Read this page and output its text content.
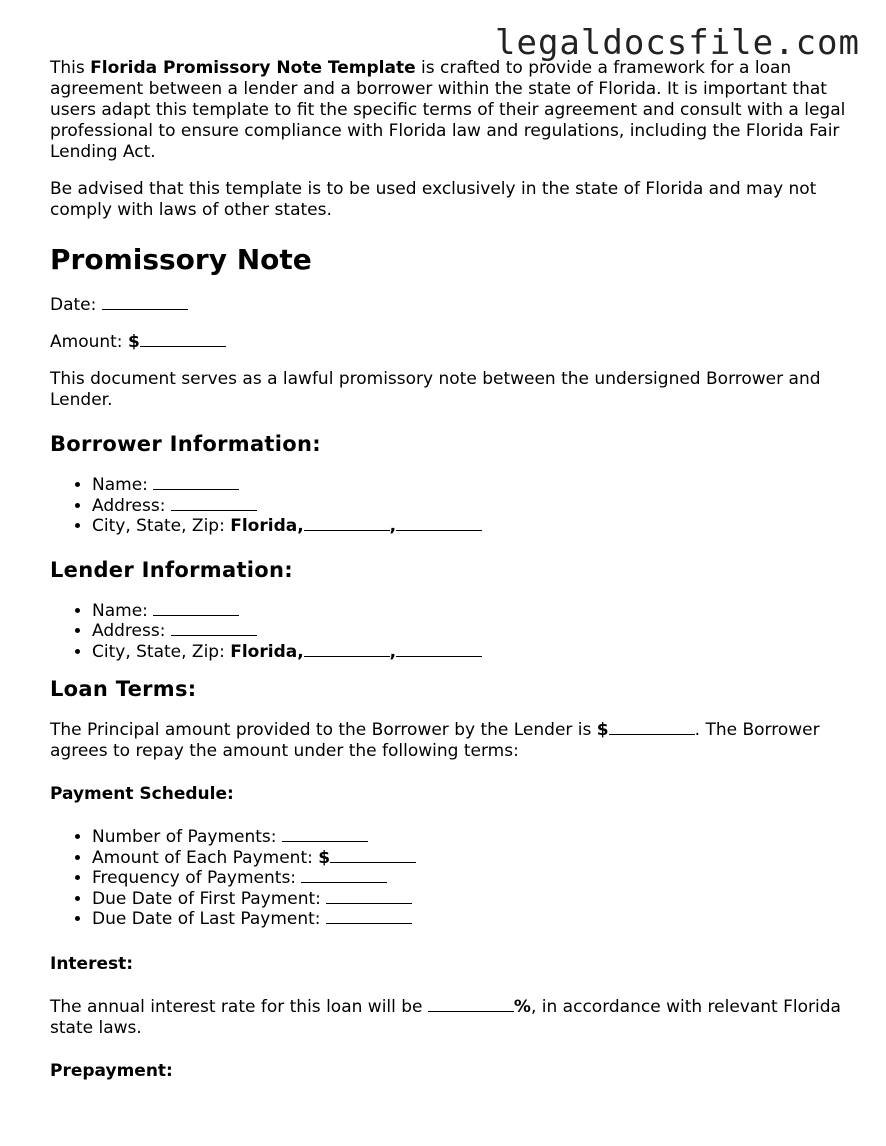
legaldocsfile.com

This Florida Promissory Note Template is crafted to provide a framework for a loan agreement between a lender and a borrower within the state of Florida. It is important that users adapt this template to fit the specific terms of their agreement and consult with a legal professional to ensure compliance with Florida law and regulations, including the Florida Fair Lending Act.

Be advised that this template is to be used exclusively in the state of Florida and may not comply with laws of other states.

Promissory Note

Date:

Amount: $

This document serves as a lawful promissory note between the undersigned Borrower and Lender.

Borrower Information:
• Name:
• Address:
• City, State, Zip: Florida,	,
Lender Information:
• Name:
• Address:
• City, State, Zip: Florida,	,
Loan Terms:

The Principal amount provided to the Borrower by the Lender is $	. The Borrower agrees to repay the amount under the following terms:

Payment Schedule:
• Number of Payments:
• Amount of Each Payment: $
• Frequency of Payments:
• Due Date of First Payment:
• Due Date of Last Payment:
Interest:

The annual interest rate for this loan will be	%, in accordance with relevant Florida state laws.

Prepayment:
